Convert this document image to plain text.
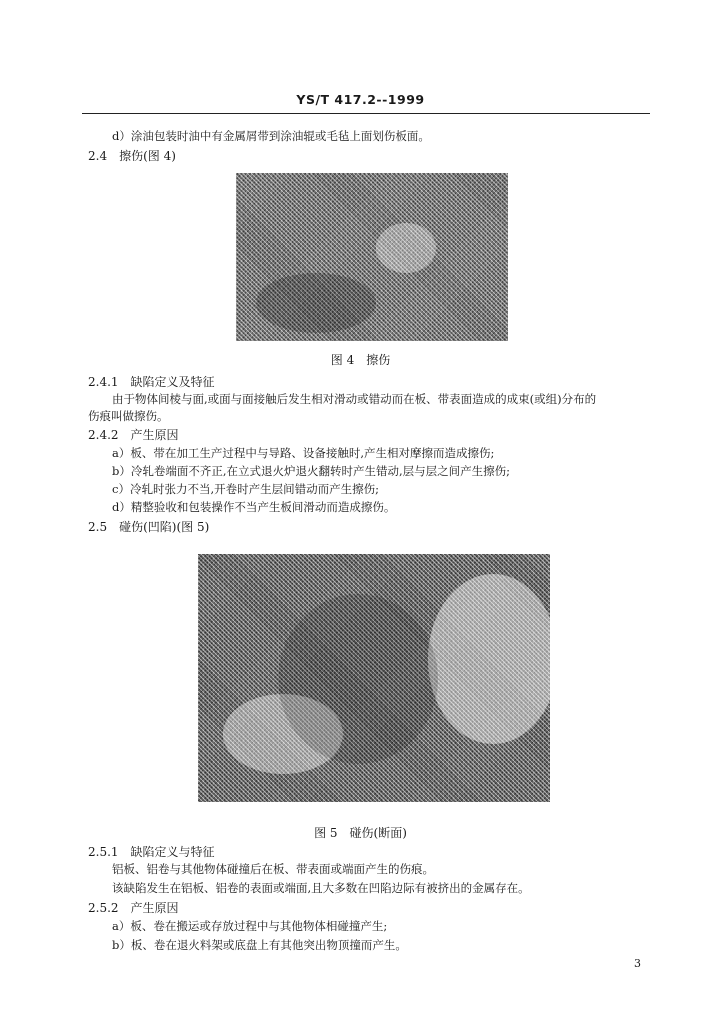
YS/T 417.2--1999
d）涂油包装时油中有金属屑带到涂油辊或毛毡上面划伤板面。
2.4　擦伤(图 4)
图 4　擦伤
2.4.1　缺陷定义及特征
由于物体间棱与面,或面与面接触后发生相对滑动或错动而在板、带表面造成的成束(或组)分布的
伤痕叫做擦伤。
2.4.2　产生原因
a）板、带在加工生产过程中与导路、设备接触时,产生相对摩擦而造成擦伤;
b）冷轧卷端面不齐正,在立式退火炉退火翻转时产生错动,层与层之间产生擦伤;
c）冷轧时张力不当,开卷时产生层间错动而产生擦伤;
d）精整验收和包装操作不当产生板间滑动而造成擦伤。
2.5　碰伤(凹陷)(图 5)
图 5　碰伤(断面)
2.5.1　缺陷定义与特征
铝板、铝卷与其他物体碰撞后在板、带表面或端面产生的伤痕。
该缺陷发生在铝板、铝卷的表面或端面,且大多数在凹陷边际有被挤出的金属存在。
2.5.2　产生原因
a）板、卷在搬运或存放过程中与其他物体相碰撞产生;
b）板、卷在退火料架或底盘上有其他突出物顶撞而产生。
3
